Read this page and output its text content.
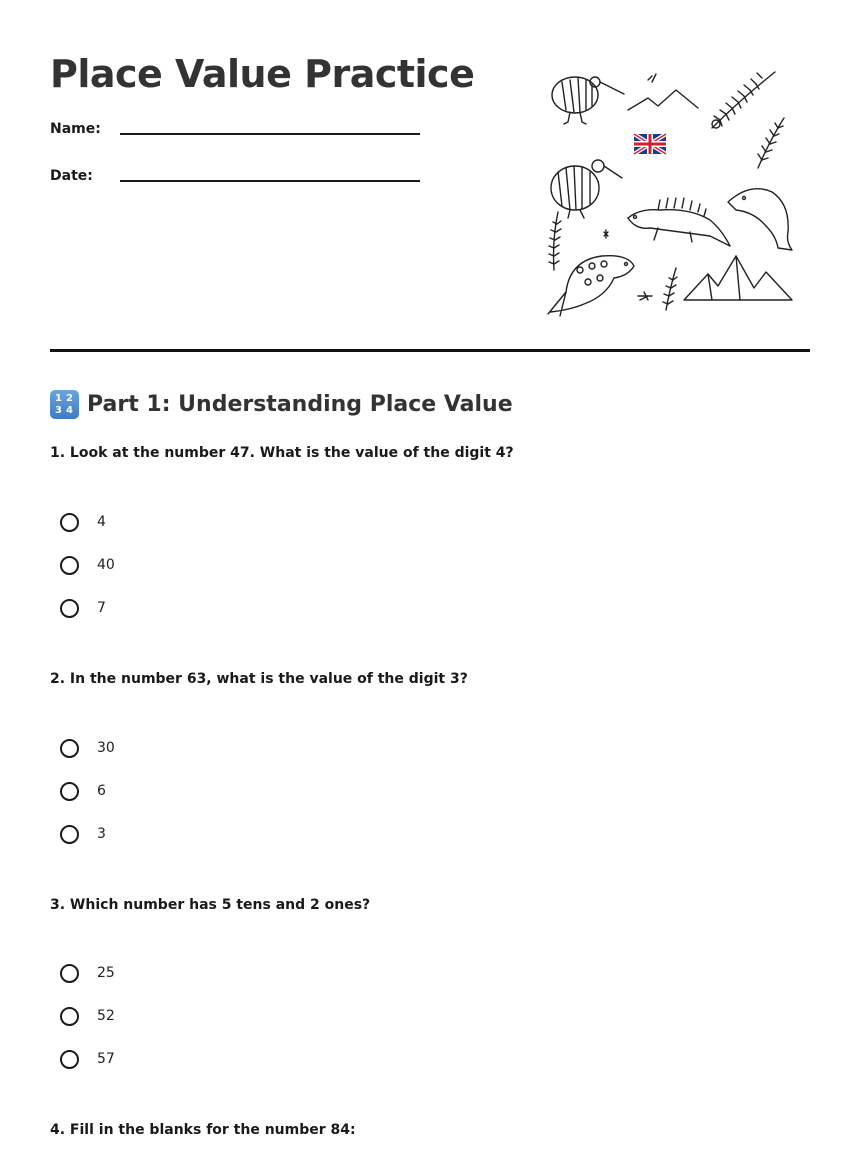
Place Value Practice
Name:
Date:
1 2
3 4 Part 1: Understanding Place Value
1. Look at the number 47. What is the value of the digit 4?
4
40
7
2. In the number 63, what is the value of the digit 3?
30
6
3
3. Which number has 5 tens and 2 ones?
25
52
57
4. Fill in the blanks for the number 84:
